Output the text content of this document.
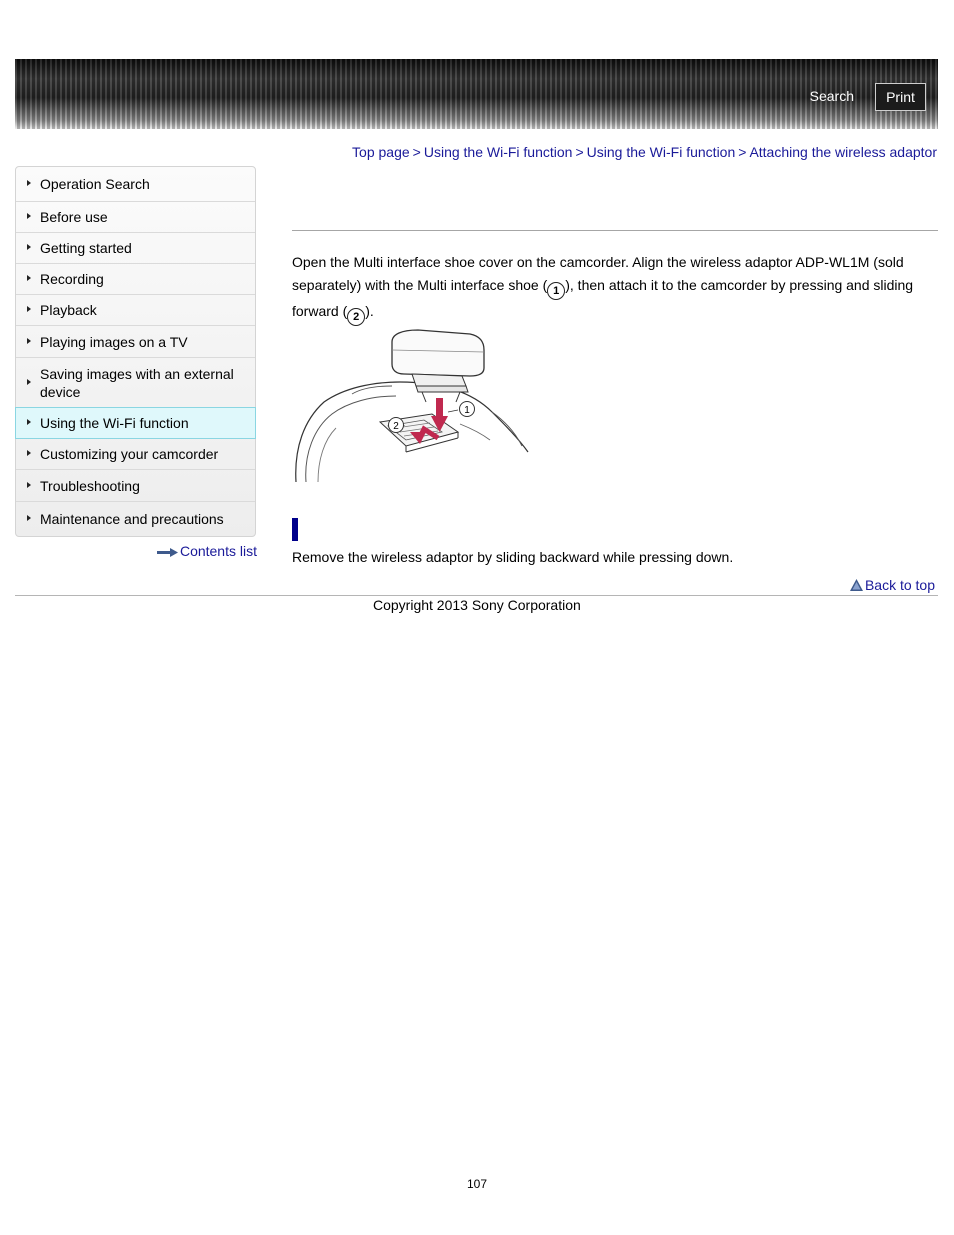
Search	Print
Top page > Using the Wi-Fi function > Using the Wi-Fi function > Attaching the wireless adaptor
Operation Search
Before use
Getting started
Recording
Playback
Playing images on a TV
Saving images with an external device
Using the Wi-Fi function
Customizing your camcorder
Troubleshooting
Maintenance and precautions
Contents list
Open the Multi interface shoe cover on the camcorder. Align the wireless adaptor ADP-WL1M (sold separately) with the Multi interface shoe ( 1 ), then attach it to the camcorder by pressing and sliding forward ( 2 ).
1
2
Remove the wireless adaptor by sliding backward while pressing down.
Back to top
Copyright 2013 Sony Corporation
107
